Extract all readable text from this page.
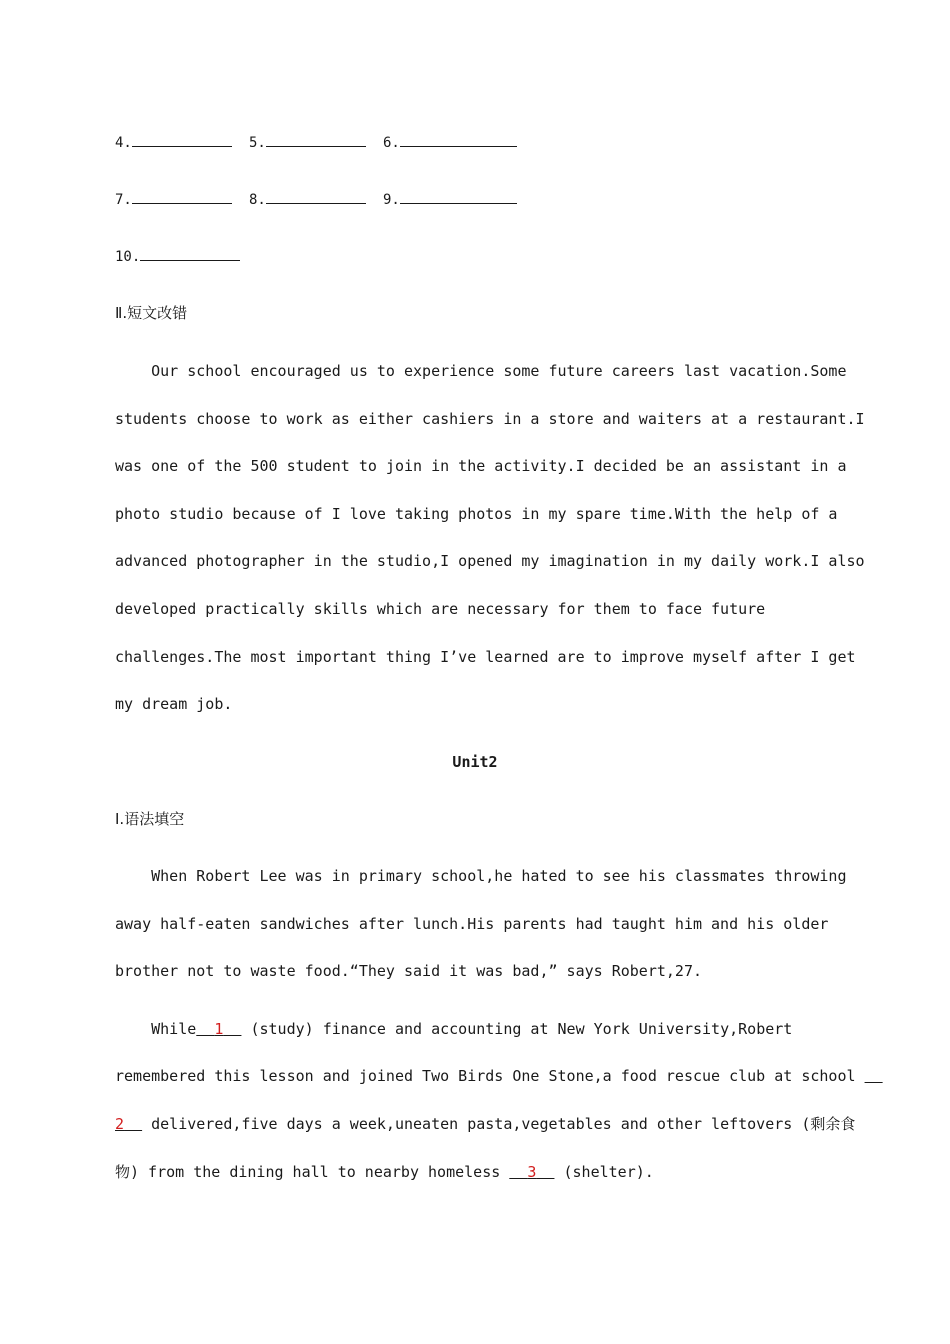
4.	5.	6.
7.	8.	9.
10.
Ⅱ.短文改错
Our school encouraged us to experience some future careers last vacation.Some
students choose to work as either cashiers in a store and waiters at a restaurant.I
was one of the 500 student to join in the activity.I decided be an assistant in a
photo studio because of I love taking photos in my spare time.With the help of a
advanced photographer in the studio,I opened my imagination in my daily work.I also
developed practically skills which are necessary for them to face future
challenges.The most important thing I’ve learned are to improve myself after I get
my dream job.
Unit2
Ⅰ.语法填空
When Robert Lee was in primary school,he hated to see his classmates throwing
away half-eaten sandwiches after lunch.His parents had taught him and his older
brother not to waste food.“They said it was bad,” says Robert,27.
While 1   (study) finance and accounting at New York University,Robert
remembered this lesson and joined Two Birds One Stone,a food rescue club at school
2   delivered,five days a week,uneaten pasta,vegetables and other leftovers (剩余食
物) from the dining hall to nearby homeless   3   (shelter).
